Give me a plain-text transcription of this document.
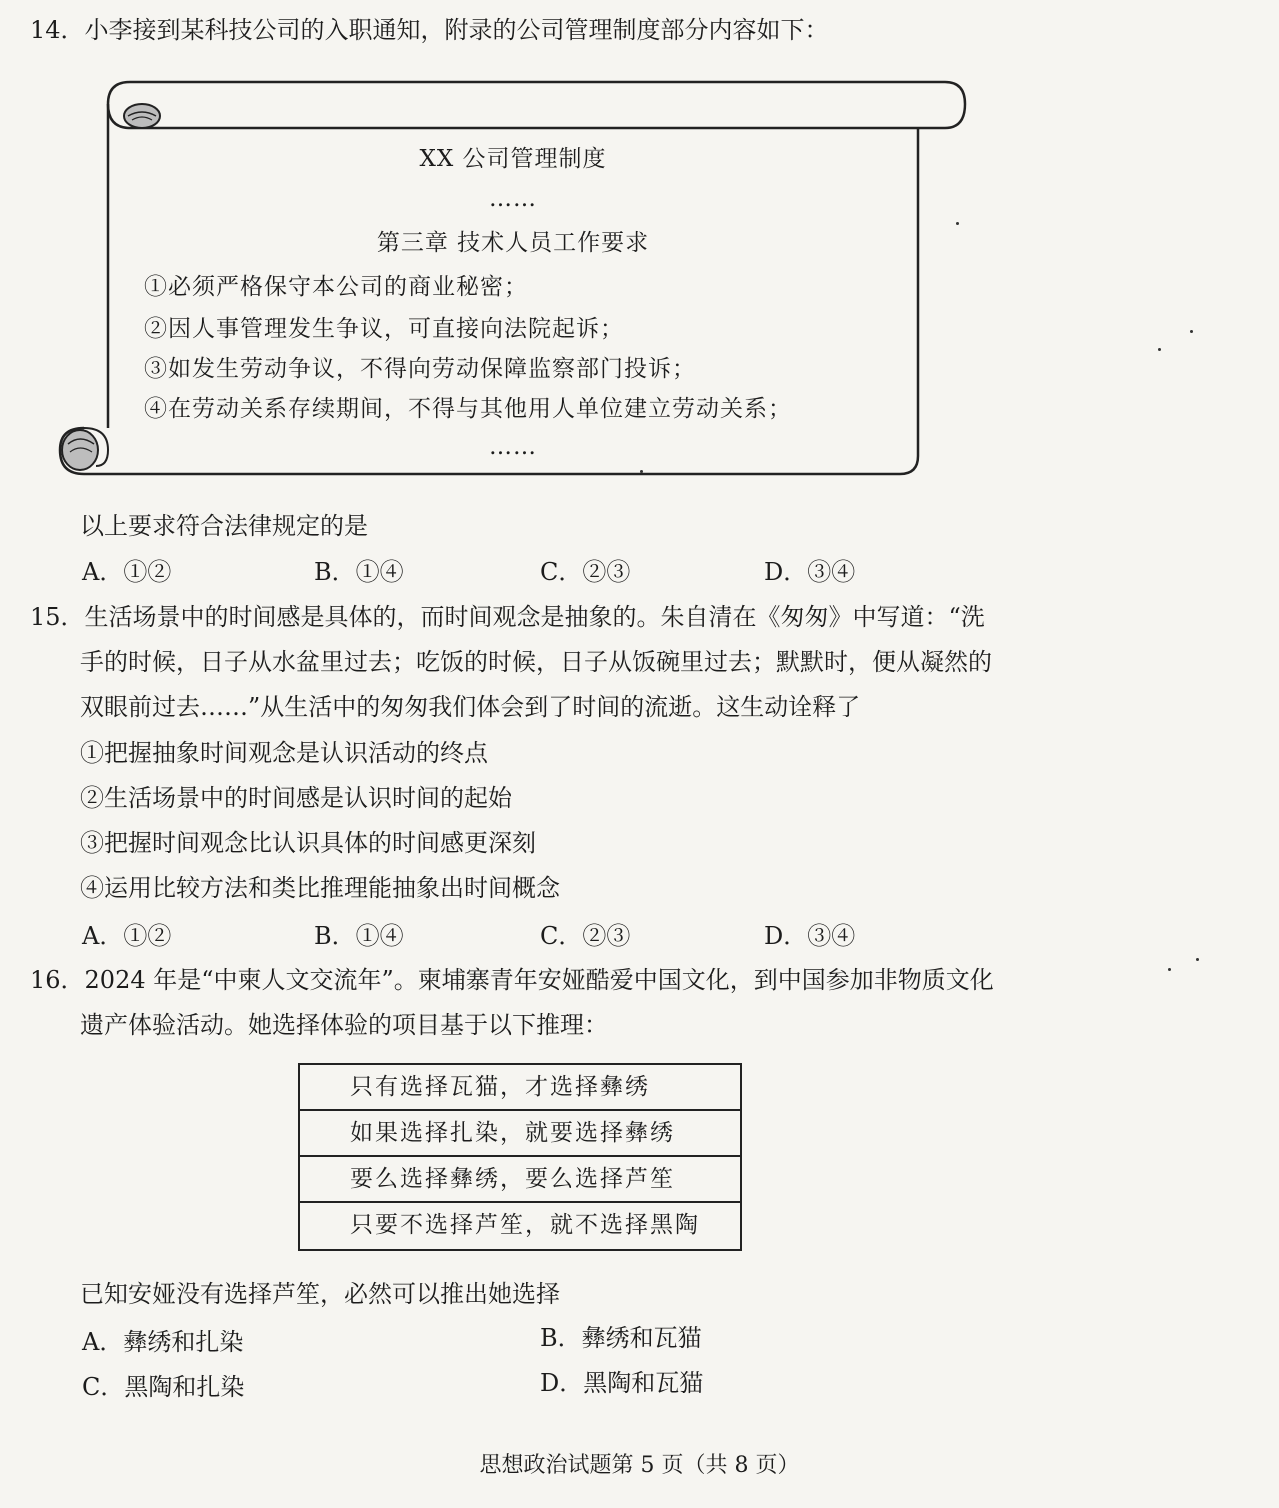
14．小李接到某科技公司的入职通知，附录的公司管理制度部分内容如下：
XX 公司管理制度
……
第三章 技术人员工作要求
①必须严格保守本公司的商业秘密；
②因人事管理发生争议，可直接向法院起诉；
③如发生劳动争议，不得向劳动保障监察部门投诉；
④在劳动关系存续期间，不得与其他用人单位建立劳动关系；
……
以上要求符合法律规定的是
A．①②	B．①④	C．②③	D．③④
15．生活场景中的时间感是具体的，而时间观念是抽象的。朱自清在《匆匆》中写道：“洗
手的时候，日子从水盆里过去；吃饭的时候，日子从饭碗里过去；默默时，便从凝然的
双眼前过去……”从生活中的匆匆我们体会到了时间的流逝。这生动诠释了
①把握抽象时间观念是认识活动的终点
②生活场景中的时间感是认识时间的起始
③把握时间观念比认识具体的时间感更深刻
④运用比较方法和类比推理能抽象出时间概念
A．①②	B．①④	C．②③	D．③④
16．2024 年是“中柬人文交流年”。柬埔寨青年安娅酷爱中国文化，到中国参加非物质文化
遗产体验活动。她选择体验的项目基于以下推理：
只有选择瓦猫，才选择彝绣
如果选择扎染，就要选择彝绣
要么选择彝绣，要么选择芦笙
只要不选择芦笙，就不选择黑陶
已知安娅没有选择芦笙，必然可以推出她选择
A．彝绣和扎染	B．彝绣和瓦猫
C．黑陶和扎染	D．黑陶和瓦猫
思想政治试题第 5 页（共 8 页）
